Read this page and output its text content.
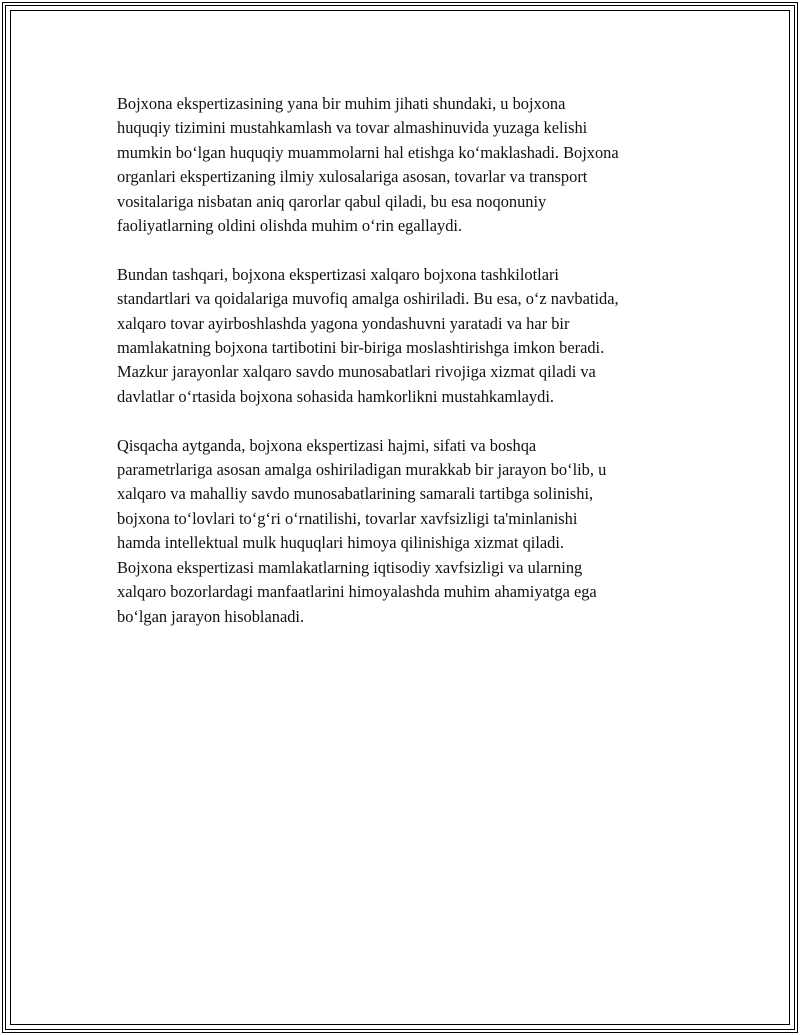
Bojxona ekspertizasining yana bir muhim jihati shundaki, u bojxona
huquqiy tizimini mustahkamlash va tovar almashinuvida yuzaga kelishi
mumkin bo‘lgan huquqiy muammolarni hal etishga ko‘maklashadi. Bojxona
organlari ekspertizaning ilmiy xulosalariga asosan, tovarlar va transport
vositalariga nisbatan aniq qarorlar qabul qiladi, bu esa noqonuniy
faoliyatlarning oldini olishda muhim o‘rin egallaydi.

Bundan tashqari, bojxona ekspertizasi xalqaro bojxona tashkilotlari
standartlari va qoidalariga muvofiq amalga oshiriladi. Bu esa, o‘z navbatida,
xalqaro tovar ayirboshlashda yagona yondashuvni yaratadi va har bir
mamlakatning bojxona tartibotini bir-biriga moslashtirishga imkon beradi.
Mazkur jarayonlar xalqaro savdo munosabatlari rivojiga xizmat qiladi va
davlatlar o‘rtasida bojxona sohasida hamkorlikni mustahkamlaydi.

Qisqacha aytganda, bojxona ekspertizasi hajmi, sifati va boshqa
parametrlariga asosan amalga oshiriladigan murakkab bir jarayon bo‘lib, u
xalqaro va mahalliy savdo munosabatlarining samarali tartibga solinishi,
bojxona to‘lovlari to‘g‘ri o‘rnatilishi, tovarlar xavfsizligi ta'minlanishi
hamda intellektual mulk huquqlari himoya qilinishiga xizmat qiladi.
Bojxona ekspertizasi mamlakatlarning iqtisodiy xavfsizligi va ularning
xalqaro bozorlardagi manfaatlarini himoyalashda muhim ahamiyatga ega
bo‘lgan jarayon hisoblanadi.
